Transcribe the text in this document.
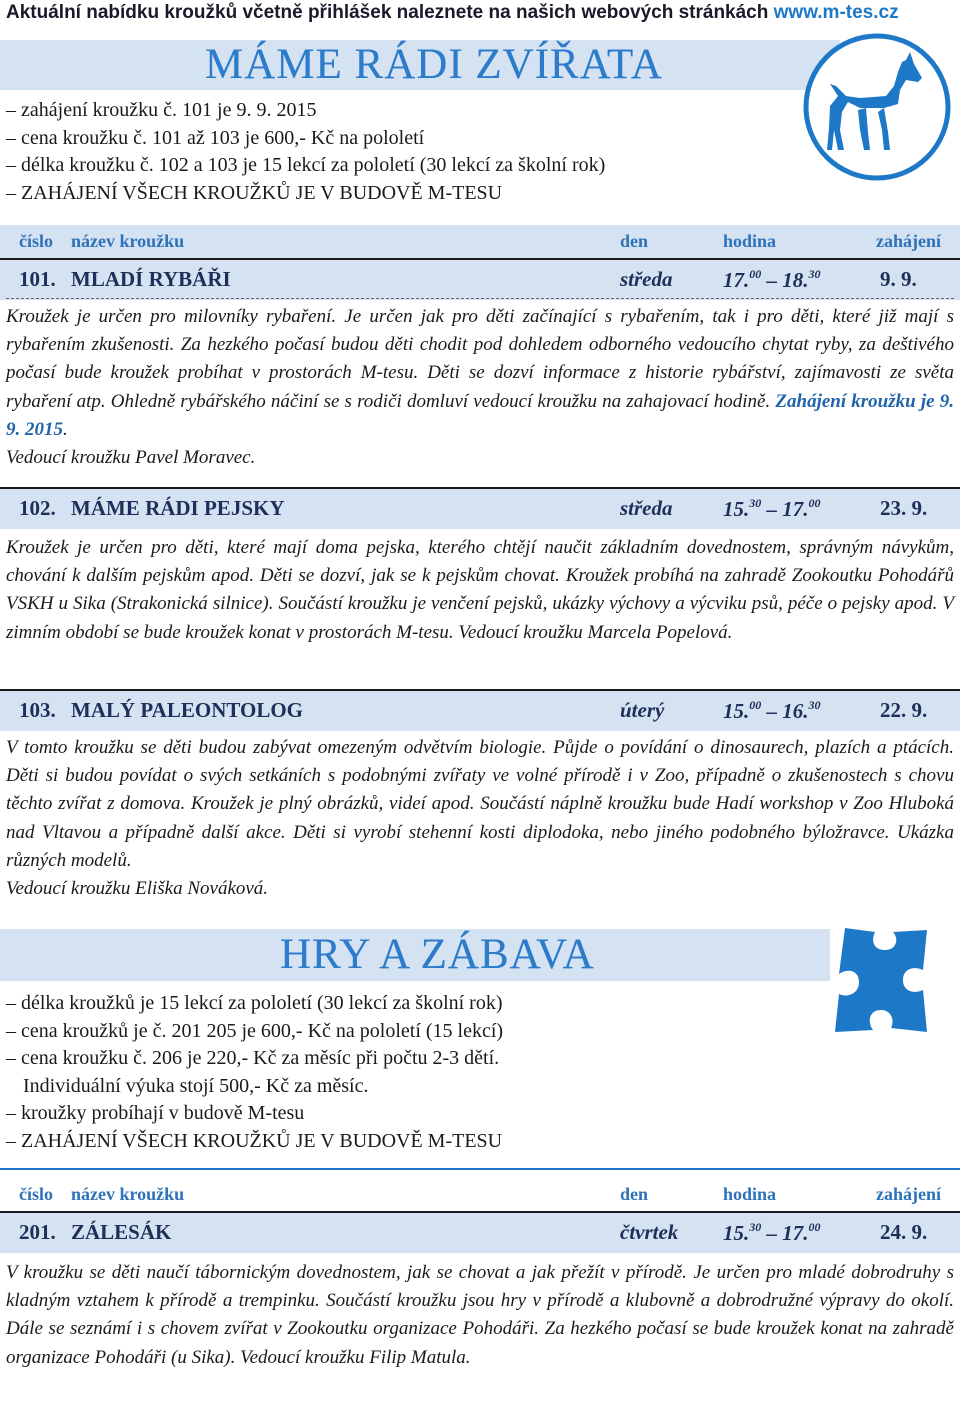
Aktuální nabídku kroužků včetně přihlášek naleznete na našich webových stránkách www.m-tes.cz
MÁME RÁDI ZVÍŘATA
– zahájení kroužku č. 101 je 9. 9. 2015
– cena kroužku č. 101 až 103 je 600,- Kč na pololetí
– délka kroužku č. 102 a 103 je 15 lekcí za pololetí (30 lekcí za školní rok)
– ZAHÁJENÍ VŠECH KROUŽKŮ JE V BUDOVĚ M-TESU
číslo název kroužku	den	hodina	zahájení
101. MLADÍ RYBÁŘI	středa 17.00 – 18.30	9. 9.
Kroužek je určen pro milovníky rybaření. Je určen jak pro děti začínající s rybařením, tak i pro děti, které již mají s rybařením zkušenosti. Za hezkého počasí budou děti chodit pod dohledem odborného vedoucího chytat ryby, za deštivého počasí bude kroužek probíhat v prostorách M-tesu. Děti se dozví informace z historie rybářství, zajímavosti ze světa rybaření atp. Ohledně rybářského náčiní se s rodiči domluví vedoucí kroužku na zahajovací hodině. Zahájení kroužku je 9. 9. 2015.
Vedoucí kroužku Pavel Moravec.
102. MÁME RÁDI PEJSKY	středa 15.30 – 17.00	23. 9.
Kroužek je určen pro děti, které mají doma pejska, kterého chtějí naučit základním dovednostem, správným návykům, chování k dalším pejskům apod. Děti se dozví, jak se k pejskům chovat. Kroužek probíhá na zahradě Zookoutku Pohodářů VSKH u Sika (Strakonická silnice). Součástí kroužku je venčení pejsků, ukázky výchovy a výcviku psů, péče o pejsky apod. V zimním období se bude kroužek konat v prostorách M-tesu. Vedoucí kroužku Marcela Popelová.
103. MALÝ PALEONTOLOG	úterý	15.00 – 16.30	22. 9.
V tomto kroužku se děti budou zabývat omezeným odvětvím biologie. Půjde o povídání o dinosaurech, plazích a ptácích. Děti si budou povídat o svých setkáních s podobnými zvířaty ve volné přírodě i v Zoo, případně o zkušenostech s chovu těchto zvířat z domova. Kroužek je plný obrázků, videí apod. Součástí náplně kroužku bude Hadí workshop v Zoo Hluboká nad Vltavou a případně další akce. Děti si vyrobí stehenní kosti diplodoka, nebo jiného podobného býložravce. Ukázka různých modelů.
Vedoucí kroužku Eliška Nováková.
HRY A ZÁBAVA
– délka kroužků je 15 lekcí za pololetí (30 lekcí za školní rok)
– cena kroužků je č. 201 205 je 600,- Kč na pololetí (15 lekcí)
– cena kroužku č. 206 je 220,- Kč za měsíc při počtu 2-3 dětí.
Individuální výuka stojí 500,- Kč za měsíc.
– kroužky probíhají v budově M-tesu
– ZAHÁJENÍ VŠECH KROUŽKŮ JE V BUDOVĚ M-TESU
číslo název kroužku	den	hodina	zahájení
201. ZÁLESÁK	čtvrtek 15.30 – 17.00	24. 9.
V kroužku se děti naučí tábornickým dovednostem, jak se chovat a jak přežít v přírodě. Je určen pro mladé dobrodruhy s kladným vztahem k přírodě a trempinku. Součástí kroužku jsou hry v přírodě a klubovně a dobrodružné výpravy do okolí. Dále se seznámí i s chovem zvířat v Zookoutku organizace Pohodáři. Za hezkého počasí se bude kroužek konat na zahradě organizace Pohodáři (u Sika). Vedoucí kroužku Filip Matula.
